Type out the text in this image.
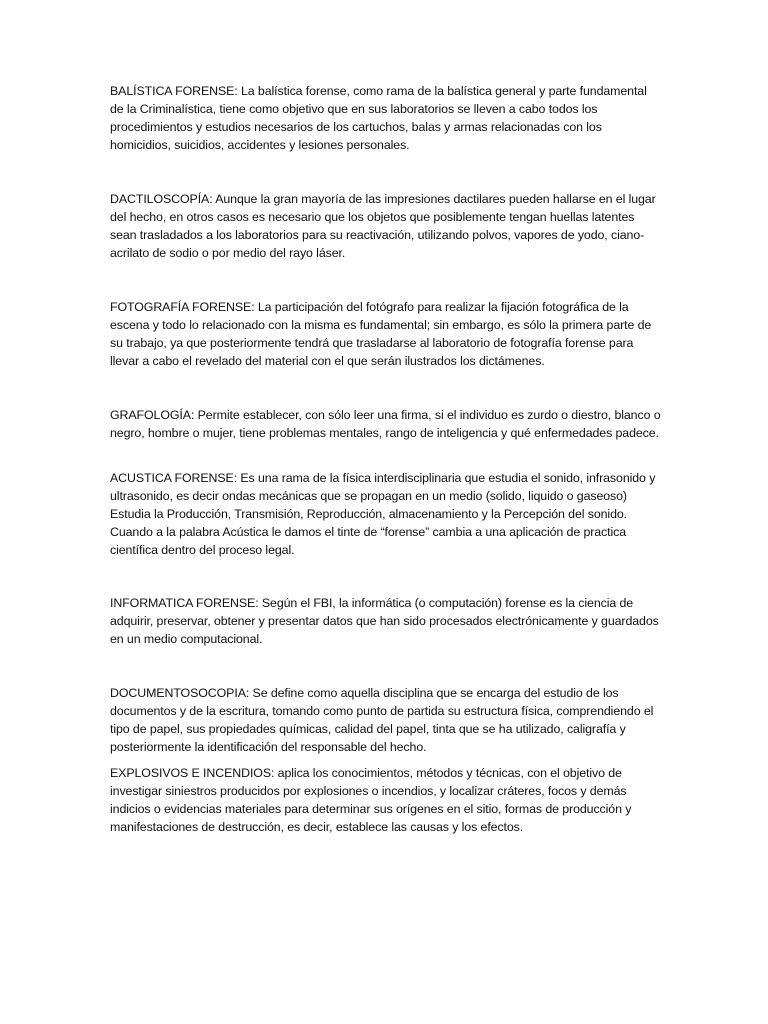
BALÍSTICA FORENSE: La balística forense, como rama de la balística general y parte fundamental de la Criminalística, tiene como objetivo que en sus laboratorios se lleven a cabo todos los procedimientos y estudios necesarios de los cartuchos, balas y armas relacionadas con los homicidios, suicidios, accidentes y lesiones personales.

DACTILOSCOPÍA: Aunque la gran mayoría de las impresiones dactilares pueden hallarse en el lugar del hecho, en otros casos es necesario que los objetos que posiblemente tengan huellas latentes sean trasladados a los laboratorios para su reactivación, utilizando polvos, vapores de yodo, ciano-acrilato de sodio o por medio del rayo láser.

FOTOGRAFÍA FORENSE: La participación del fotógrafo para realizar la fijación fotográfica de la escena y todo lo relacionado con la misma es fundamental; sin embargo, es sólo la primera parte de su trabajo, ya que posteriormente tendrá que trasladarse al laboratorio de fotografía forense para llevar a cabo el revelado del material con el que serán ilustrados los dictámenes.

GRAFOLOGÍA: Permite establecer, con sólo leer una firma, si el individuo es zurdo o diestro, blanco o negro, hombre o mujer, tiene problemas mentales, rango de inteligencia y qué enfermedades padece.

ACUSTICA FORENSE: Es una rama de la física interdisciplinaria que estudia el sonido, infrasonido y ultrasonido, es decir ondas mecánicas que se propagan en un medio (solido, liquido o gaseoso) Estudia la Producción, Transmisión, Reproducción, almacenamiento y la Percepción del sonido. Cuando a la palabra Acústica le damos el tinte de “forense” cambia a una aplicación de practica científica dentro del proceso legal.

INFORMATICA FORENSE: Según el FBI, la informática (o computación) forense es la ciencia de adquirir, preservar, obtener y presentar datos que han sido procesados electrónicamente y guardados en un medio computacional.

DOCUMENTOSOCOPIA: Se define como aquella disciplina que se encarga del estudio de los documentos y de la escritura, tomando como punto de partida su estructura física, comprendiendo el tipo de papel, sus propiedades químicas, calidad del papel, tinta que se ha utilizado, caligrafía y posteriormente la identificación del responsable del hecho.

EXPLOSIVOS E INCENDIOS: aplica los conocimientos, métodos y técnicas, con el objetivo de investigar siniestros producidos por explosiones o incendios, y localizar cráteres, focos y demás indicios o evidencias materiales para determinar sus orígenes en el sitio, formas de producción y manifestaciones de destrucción, es decir, establece las causas y los efectos.
